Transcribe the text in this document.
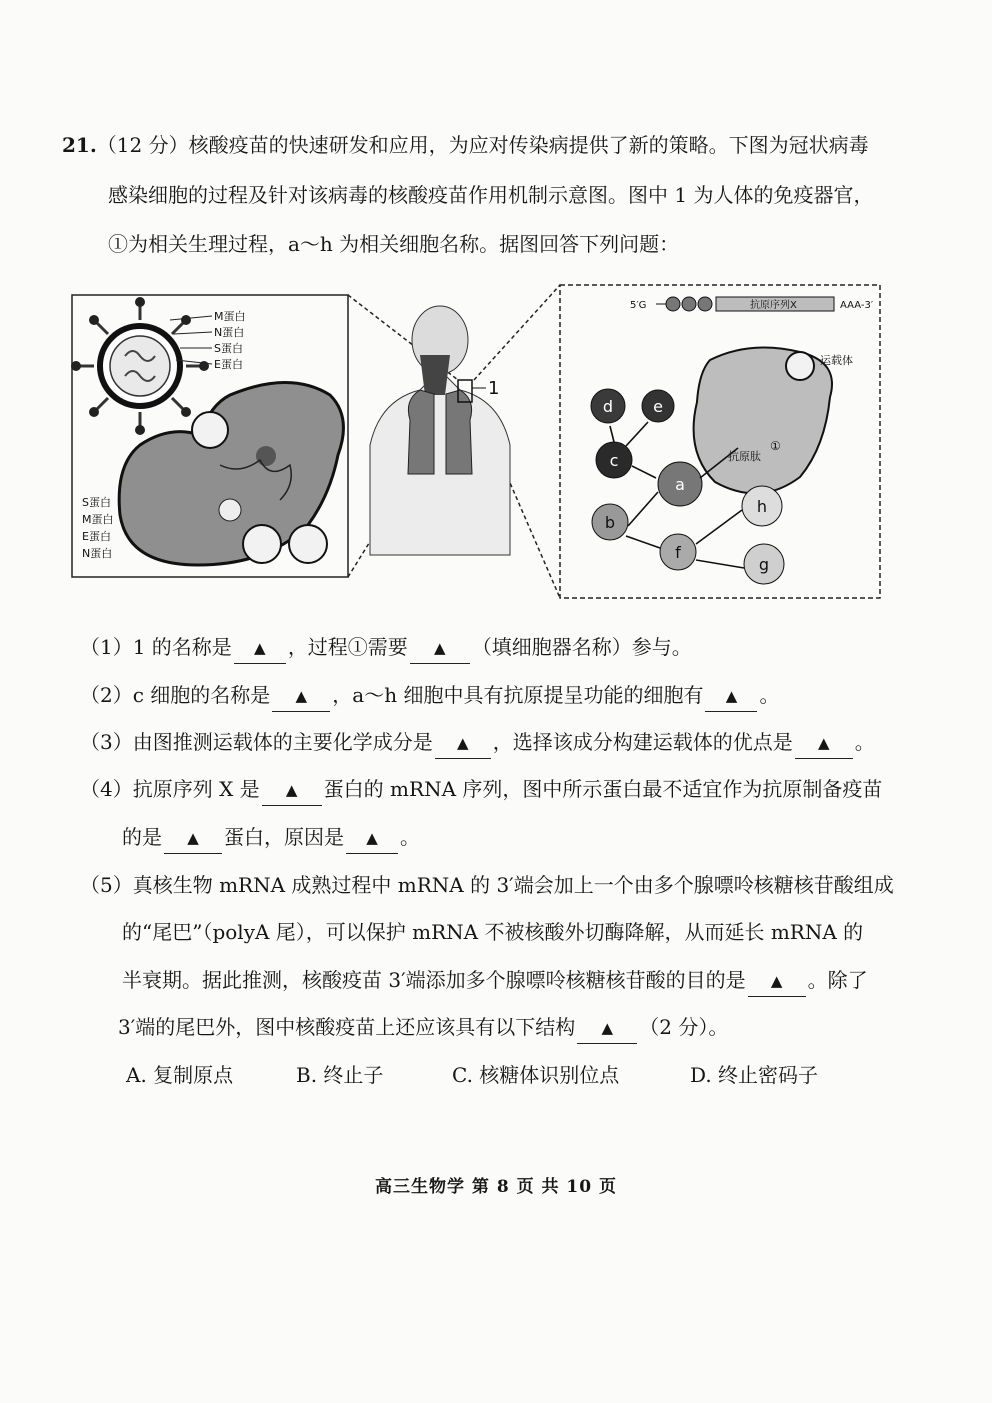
21.（12 分）核酸疫苗的快速研发和应用，为应对传染病提供了新的策略。下图为冠状病毒
感染细胞的过程及针对该病毒的核酸疫苗作用机制示意图。图中 1 为人体的免疫器官，
①为相关生理过程，a～h 为相关细胞名称。据图回答下列问题：
M蛋白
N蛋白
S蛋白
E蛋白
S蛋白
M蛋白
E蛋白
N蛋白
1
5′G	抗原序列X	AAA-3′
运载体
抗原肽
①
d	e
c
a
b
f
h
g
（1）1 的名称是 ▲ ，过程①需要 ▲ （填细胞器名称）参与。
（2）c 细胞的名称是 ▲ ，a～h 细胞中具有抗原提呈功能的细胞有 ▲ 。
（3）由图推测运载体的主要化学成分是 ▲ ，选择该成分构建运载体的优点是 ▲ 。
（4）抗原序列 X 是 ▲ 蛋白的 mRNA 序列，图中所示蛋白最不适宜作为抗原制备疫苗
的是 ▲ 蛋白，原因是 ▲ 。
（5）真核生物 mRNA 成熟过程中 mRNA 的 3′端会加上一个由多个腺嘌呤核糖核苷酸组成
的“尾巴”（polyA 尾），可以保护 mRNA 不被核酸外切酶降解，从而延长 mRNA 的
半衰期。据此推测，核酸疫苗 3′端添加多个腺嘌呤核糖核苷酸的目的是 ▲ 。除了
3′端的尾巴外，图中核酸疫苗上还应该具有以下结构 ▲ （2 分）。
A. 复制原点	B. 终止子	C. 核糖体识别位点	D. 终止密码子
高三生物学 第 8 页 共 10 页
